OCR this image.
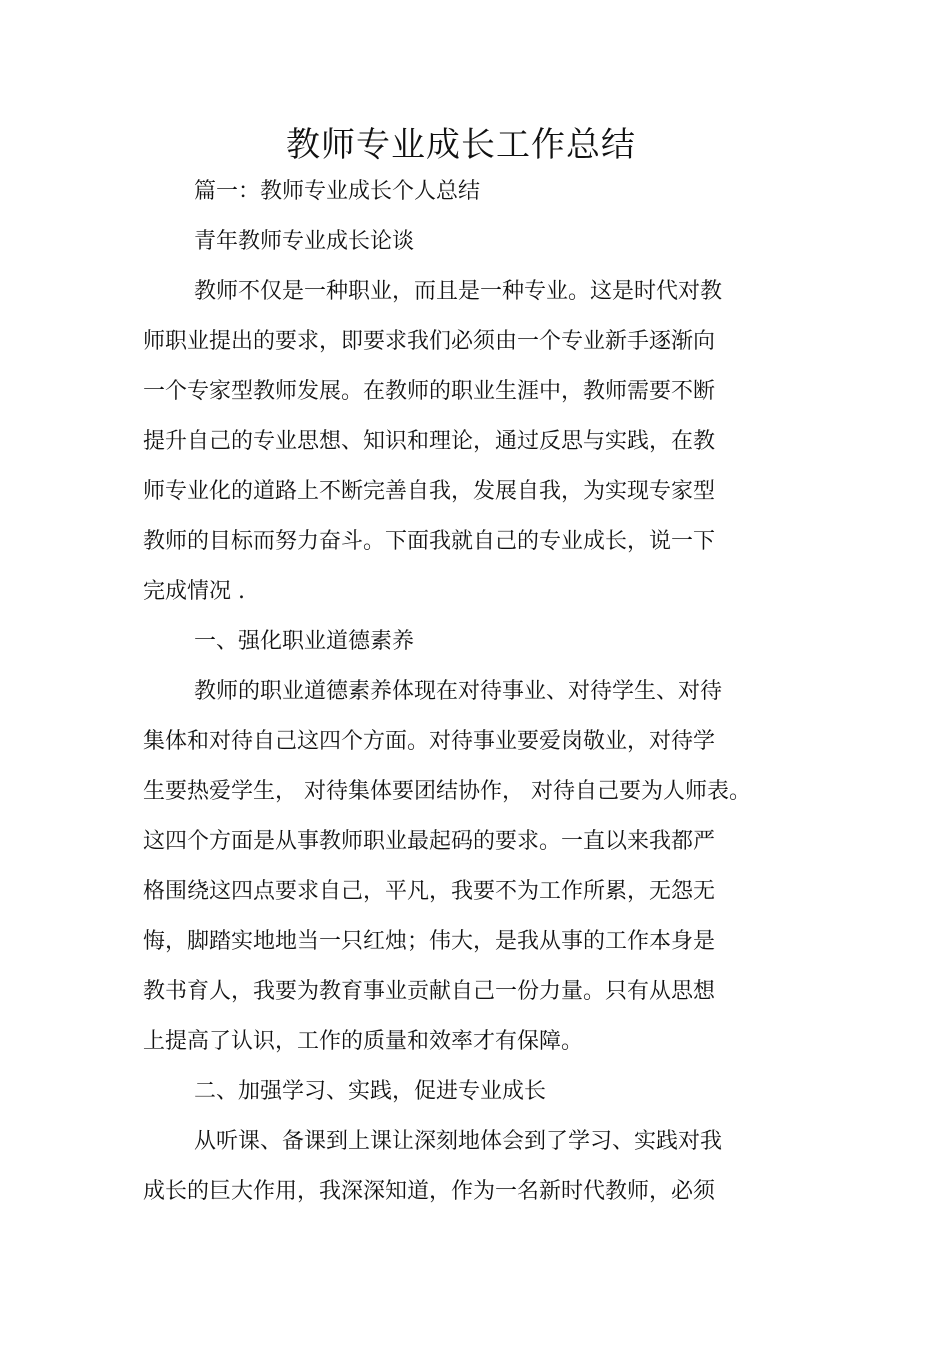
教师专业成长工作总结
篇一：教师专业成长个人总结
青年教师专业成长论谈
教师不仅是一种职业，而且是一种专业。这是时代对教
师职业提出的要求，即要求我们必须由一个专业新手逐渐向
一个专家型教师发展。在教师的职业生涯中，教师需要不断
提升自己的专业思想、知识和理论，通过反思与实践，在教
师专业化的道路上不断完善自我，发展自我，为实现专家型
教师的目标而努力奋斗。下面我就自己的专业成长，说一下
完成情况 .
一、强化职业道德素养
教师的职业道德素养体现在对待事业、对待学生、对待
集体和对待自己这四个方面。对待事业要爱岗敬业，对待学
生要热爱学生， 对待集体要团结协作， 对待自己要为人师表。
这四个方面是从事教师职业最起码的要求。一直以来我都严
格围绕这四点要求自己，平凡，我要不为工作所累，无怨无
悔，脚踏实地地当一只红烛；伟大，是我从事的工作本身是
教书育人，我要为教育事业贡献自己一份力量。只有从思想
上提高了认识，工作的质量和效率才有保障。
二、加强学习、实践，促进专业成长
从听课、备课到上课让深刻地体会到了学习、实践对我
成长的巨大作用，我深深知道，作为一名新时代教师，必须
